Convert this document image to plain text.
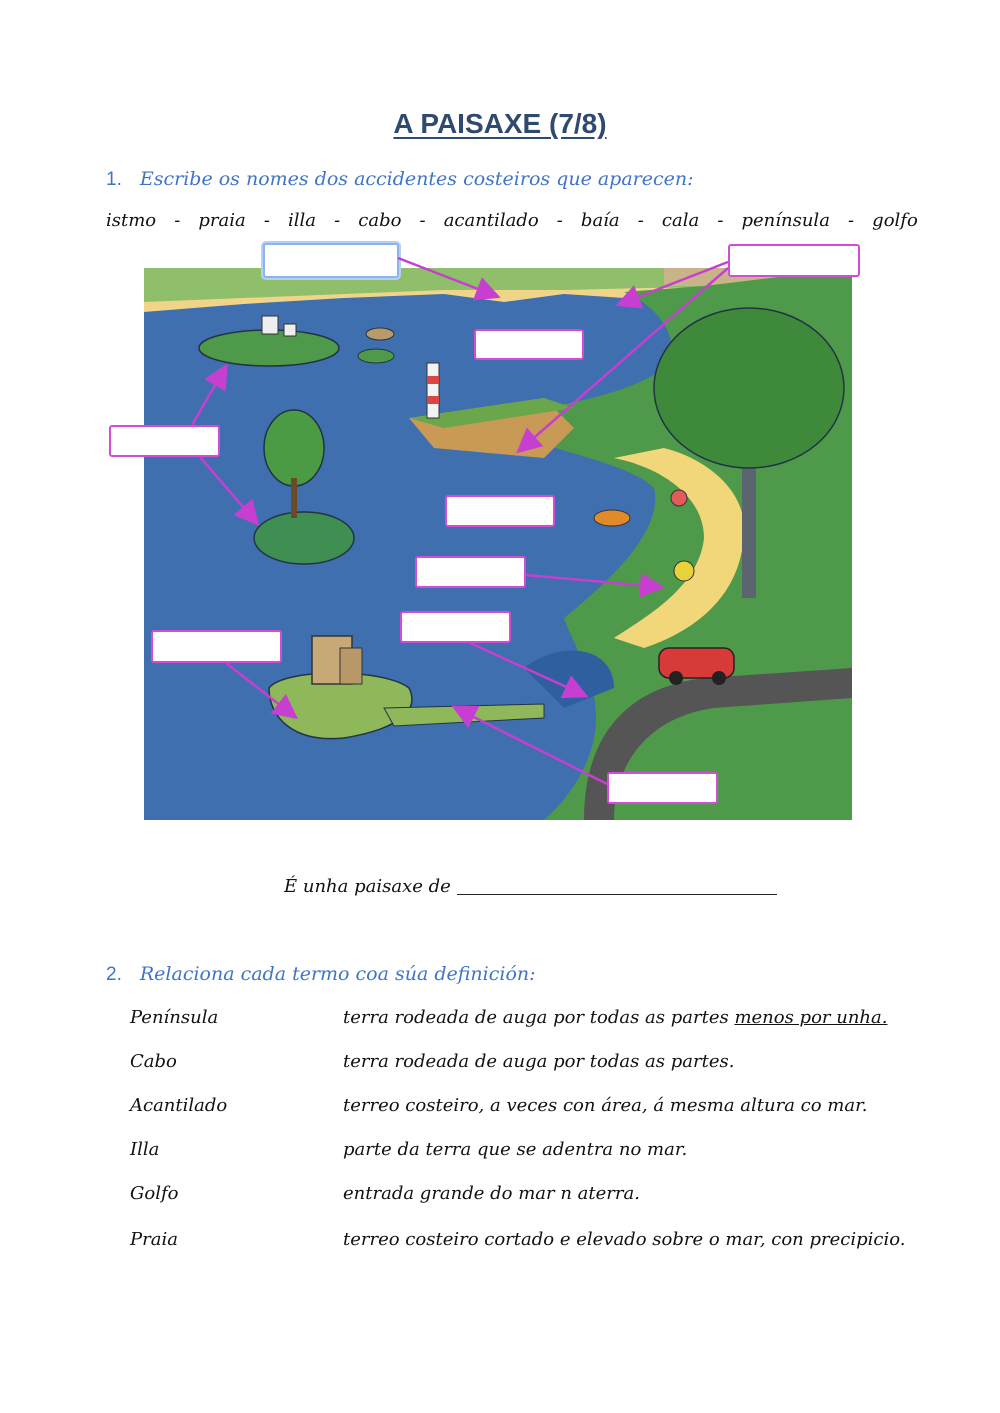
A PAISAXE (7/8)
1. Escribe os nomes dos accidentes costeiros que aparecen:
istmo - praia - illa - cabo - acantilado - baía - cala - península - golfo
É unha paisaxe de
2. Relaciona cada termo coa súa definición:
Península	terra rodeada de auga por todas as partes menos por unha.
Cabo	terra rodeada de auga por todas as partes.
Acantilado	terreo costeiro, a veces con área, á mesma altura co mar.
Illa	parte da terra que se adentra no mar.
Golfo	entrada grande do mar n aterra.
Praia	terreo costeiro cortado e elevado sobre o mar, con precipicio.
